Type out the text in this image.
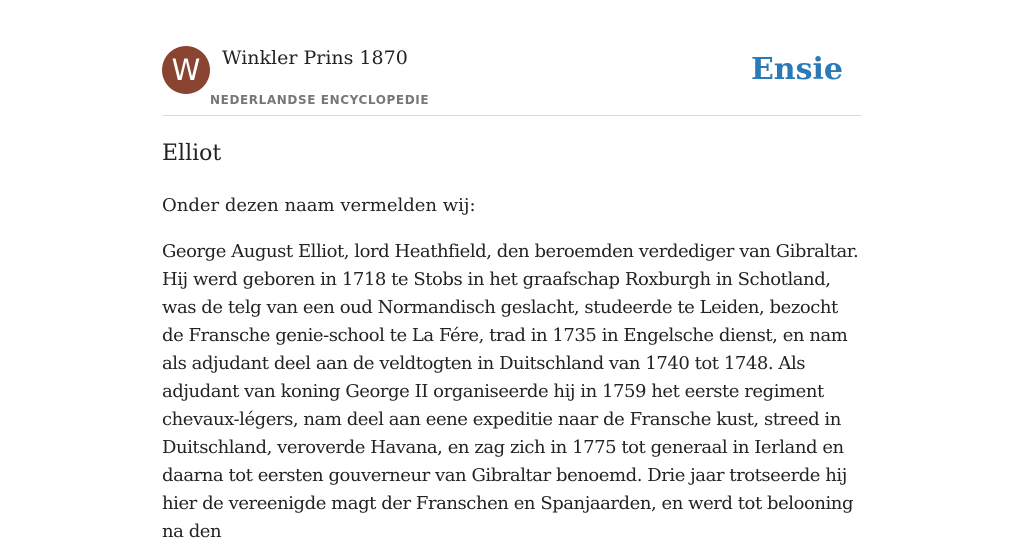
W	Winkler Prins 1870
NEDERLANDSE ENCYCLOPEDIE
Ensie
Elliot

Onder dezen naam vermelden wij:

George August Elliot, lord Heathfield, den beroemden verdediger van Gibraltar. Hij werd geboren in 1718 te Stobs in het graafschap Roxburgh in Schotland, was de telg van een oud Normandisch geslacht, studeerde te Leiden, bezocht de Fransche genie-school te La Fére, trad in 1735 in Engelsche dienst, en nam als adjudant deel aan de veldtogten in Duitschland van 1740 tot 1748. Als adjudant van koning George II organiseerde hij in 1759 het eerste regiment chevaux-légers, nam deel aan eene expeditie naar de Fransche kust, streed in Duitschland, veroverde Havana, en zag zich in 1775 tot generaal in Ierland en daarna tot eersten gouverneur van Gibraltar benoemd. Drie jaar trotseerde hij hier de vereenigde magt der Franschen en Spanjaarden, en werd tot belooning na den
